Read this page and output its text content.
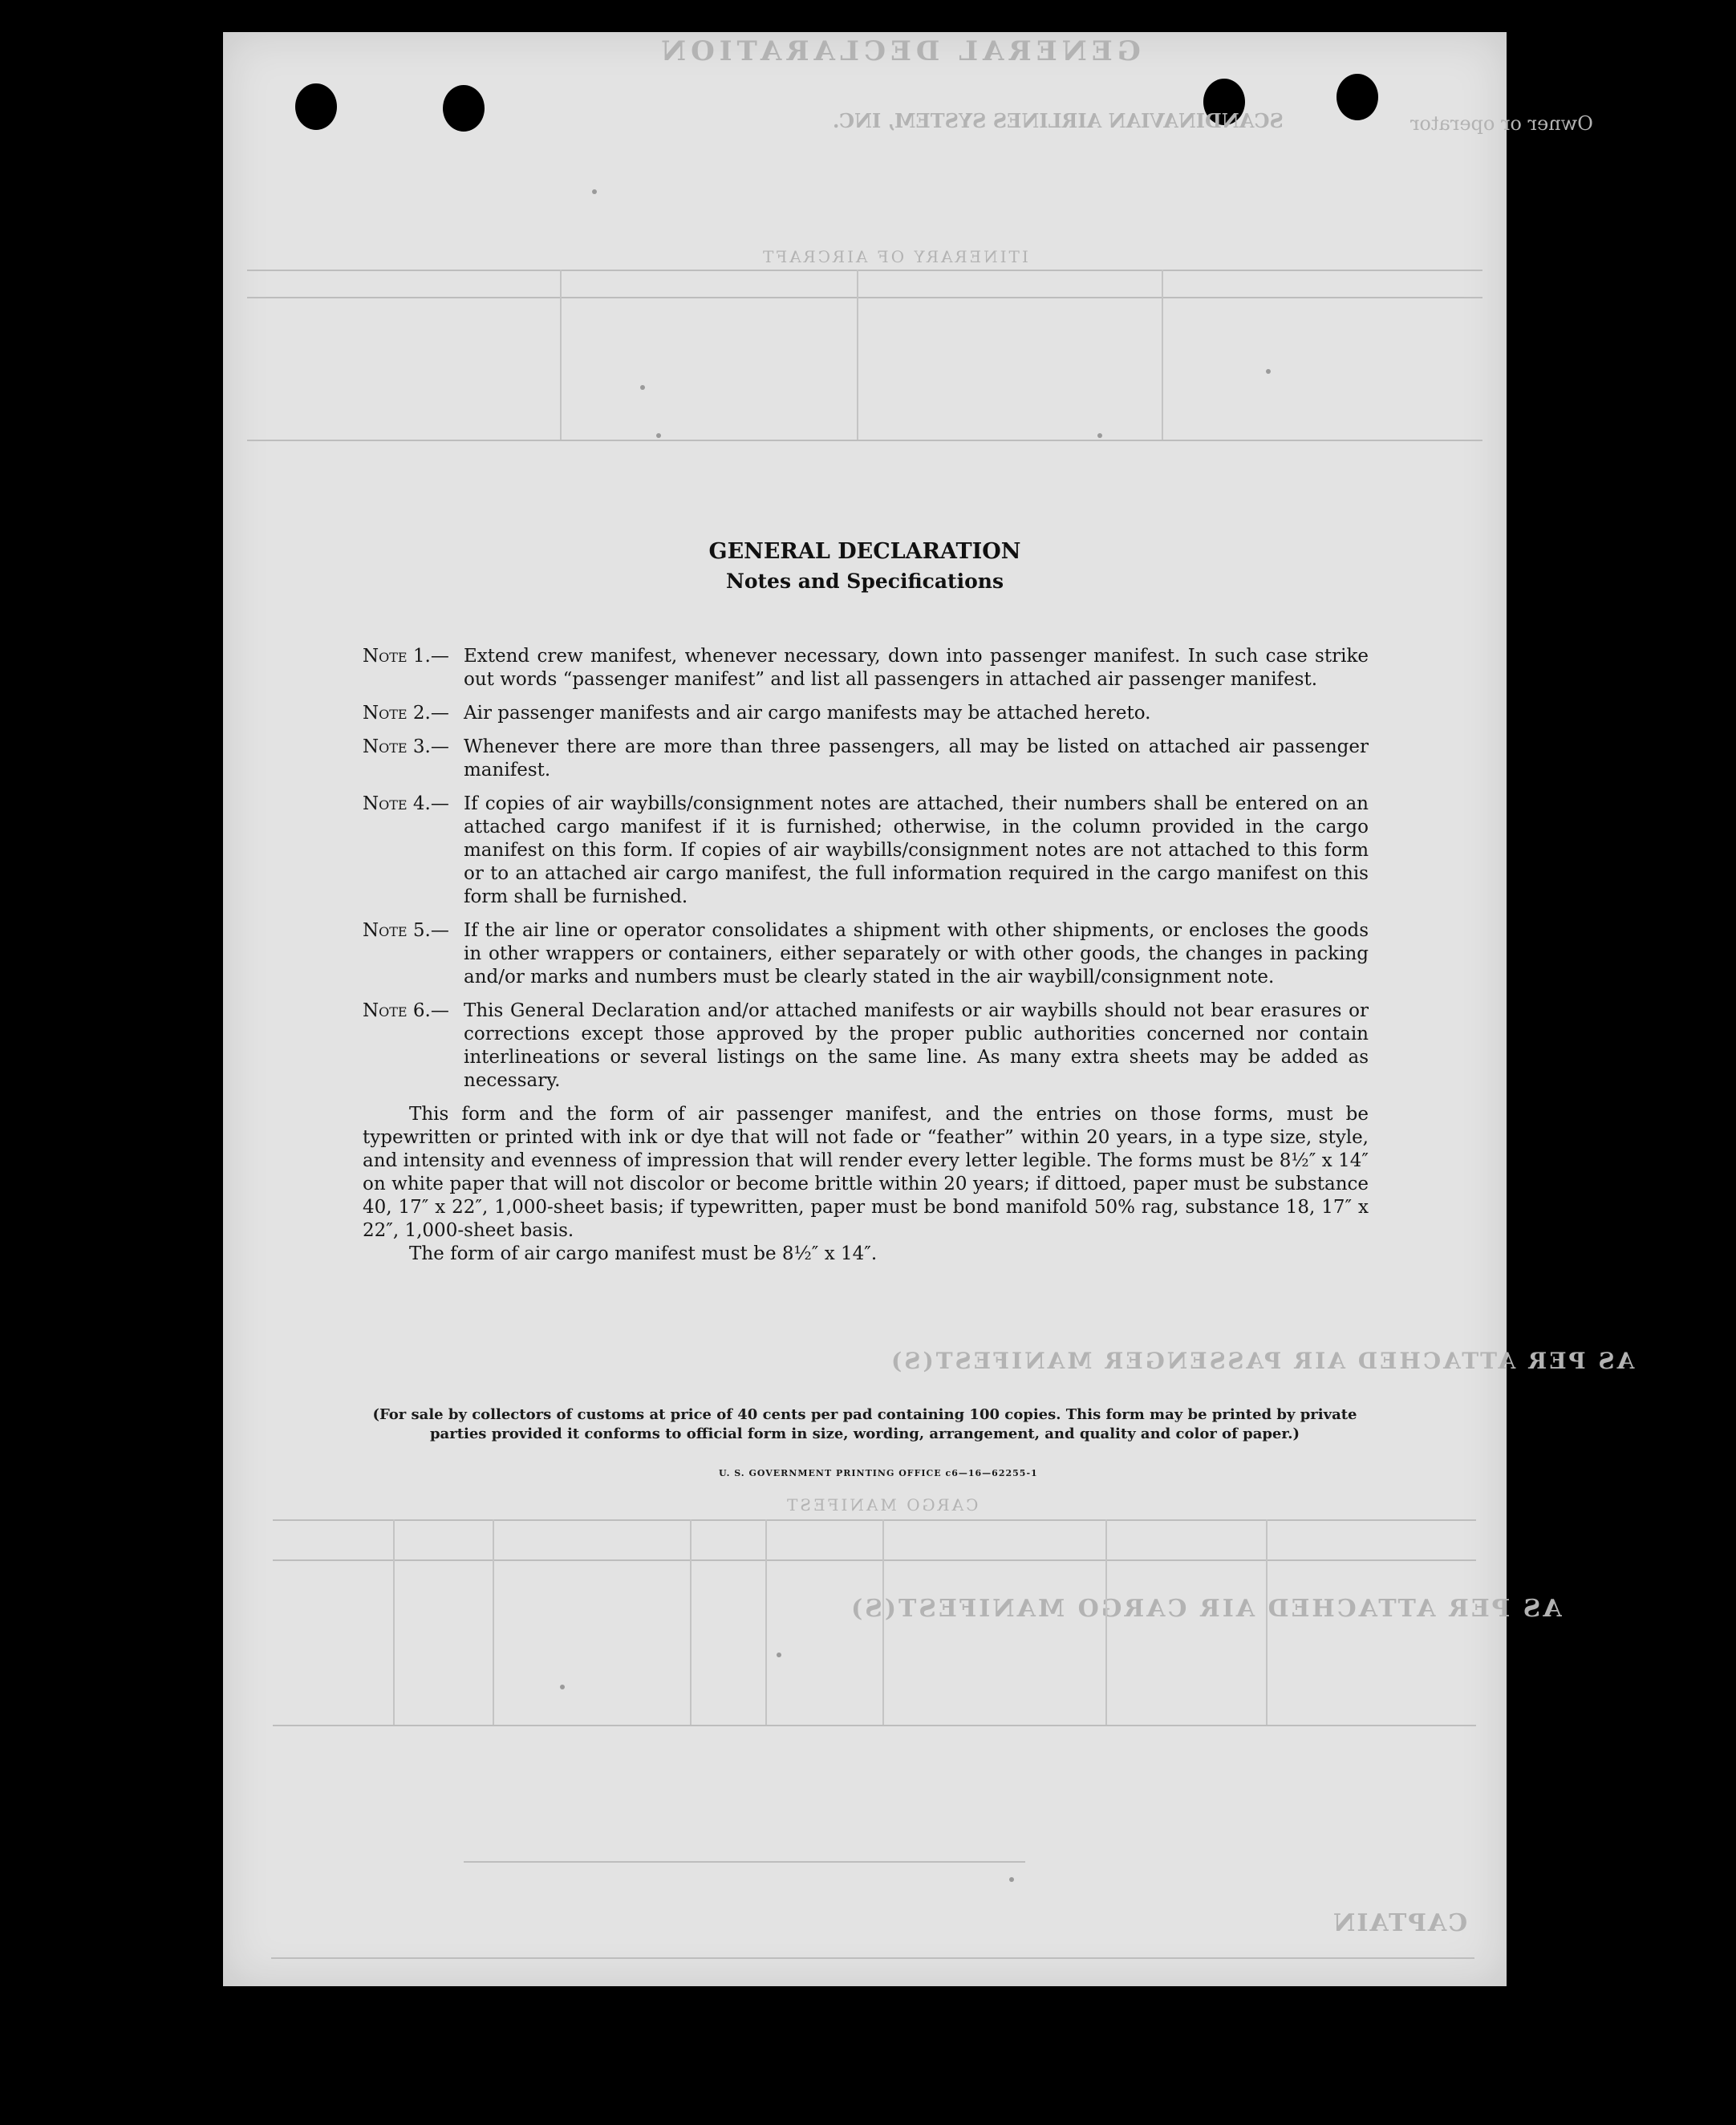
GENERAL DECLARATION
Owner or operator
SCANDINAVIAN AIRLINES SYSTEM, INC.
ITINERARY OF AIRCRAFT
AS PER ATTACHED AIR PASSENGER MANIFEST(S)
CARGO MANIFEST
AS PER ATTACHED AIR CARGO MANIFEST(S)
CAPTAIN
GENERAL DECLARATION
Notes and Specifications
Note 1.— Extend crew manifest, whenever necessary, down into passenger manifest. In such case strike out words “passenger manifest” and list all passengers in attached air passenger manifest.
Note 2.— Air passenger manifests and air cargo manifests may be attached hereto.
Note 3.— Whenever there are more than three passengers, all may be listed on attached air passenger manifest.
Note 4.— If copies of air waybills/consignment notes are attached, their numbers shall be entered on an attached cargo manifest if it is furnished; otherwise, in the column provided in the cargo manifest on this form. If copies of air waybills/consignment notes are not attached to this form or to an attached air cargo manifest, the full information required in the cargo manifest on this form shall be furnished.
Note 5.— If the air line or operator consolidates a shipment with other shipments, or encloses the goods in other wrappers or containers, either separately or with other goods, the changes in packing and/or marks and numbers must be clearly stated in the air waybill/consignment note.
Note 6.— This General Declaration and/or attached manifests or air waybills should not bear erasures or corrections except those approved by the proper public authorities concerned nor contain interlineations or several listings on the same line. As many extra sheets may be added as necessary.
This form and the form of air passenger manifest, and the entries on those forms, must be typewritten or printed with ink or dye that will not fade or “feather” within 20 years, in a type size, style, and intensity and evenness of impression that will render every letter legible. The forms must be 8½″ x 14″ on white paper that will not discolor or become brittle within 20 years; if dittoed, paper must be substance 40, 17″ x 22″, 1,000-sheet basis; if typewritten, paper must be bond manifold 50% rag, substance 18, 17″ x 22″, 1,000-sheet basis.
The form of air cargo manifest must be 8½″ x 14″.
(For sale by collectors of customs at price of 40 cents per pad containing 100 copies. This form may be printed by private parties provided it conforms to official form in size, wording, arrangement, and quality and color of paper.)
U. S. GOVERNMENT PRINTING OFFICE c6—16—62255-1
